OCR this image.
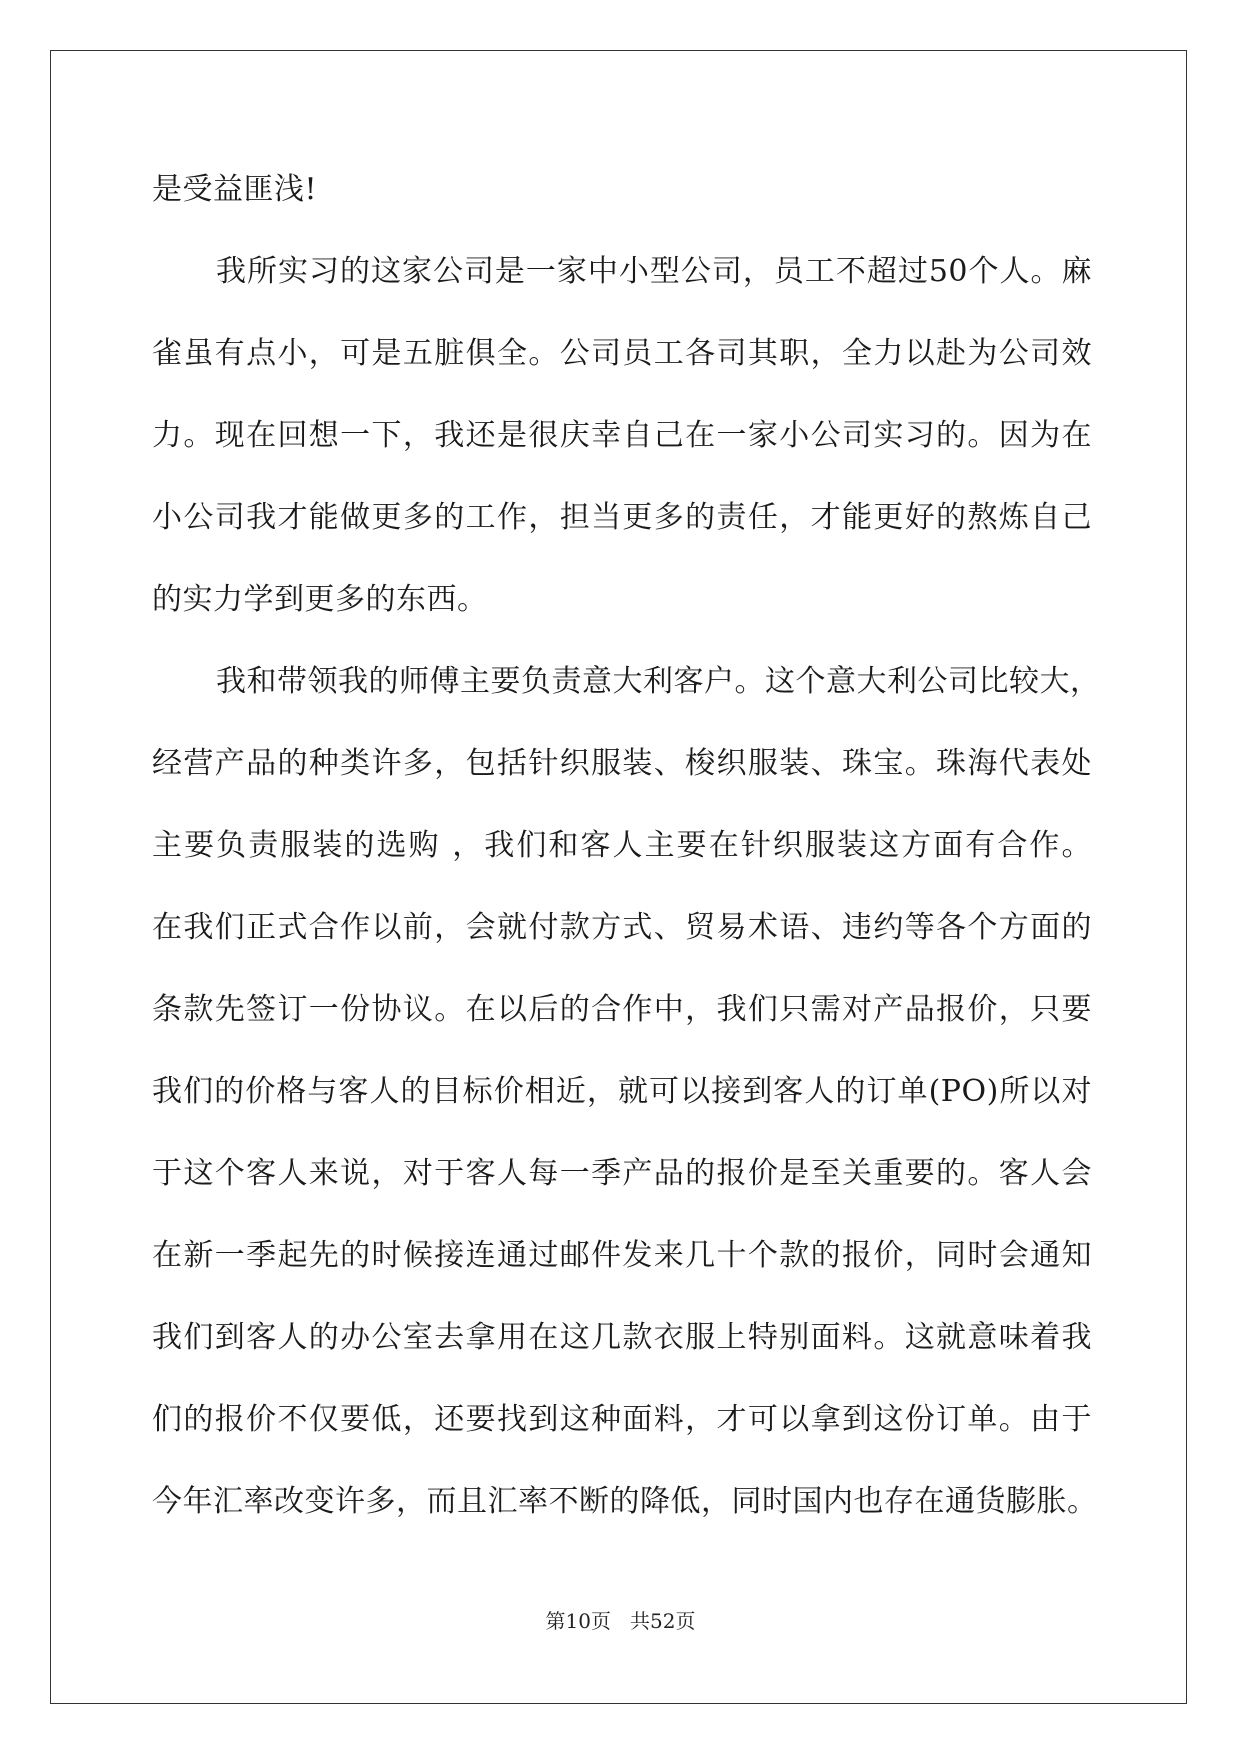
是受益匪浅!
我所实习的这家公司是一家中小型公司，员工不超过50个人。麻
雀虽有点小，可是五脏俱全。公司员工各司其职，全力以赴为公司效
力。现在回想一下，我还是很庆幸自己在一家小公司实习的。因为在
小公司我才能做更多的工作，担当更多的责任，才能更好的熬炼自己
的实力学到更多的东西。
我和带领我的师傅主要负责意大利客户。这个意大利公司比较大，
经营产品的种类许多，包括针织服装、梭织服装、珠宝。珠海代表处
主要负责服装的选购 ，我们和客人主要在针织服装这方面有合作。
在我们正式合作以前，会就付款方式、贸易术语、违约等各个方面的
条款先签订一份协议。在以后的合作中，我们只需对产品报价，只要
我们的价格与客人的目标价相近，就可以接到客人的订单(PO)所以对
于这个客人来说，对于客人每一季产品的报价是至关重要的。客人会
在新一季起先的时候接连通过邮件发来几十个款的报价，同时会通知
我们到客人的办公室去拿用在这几款衣服上特别面料。这就意味着我
们的报价不仅要低，还要找到这种面料，才可以拿到这份订单。由于
今年汇率改变许多，而且汇率不断的降低，同时国内也存在通货膨胀。
第10页 共52页
